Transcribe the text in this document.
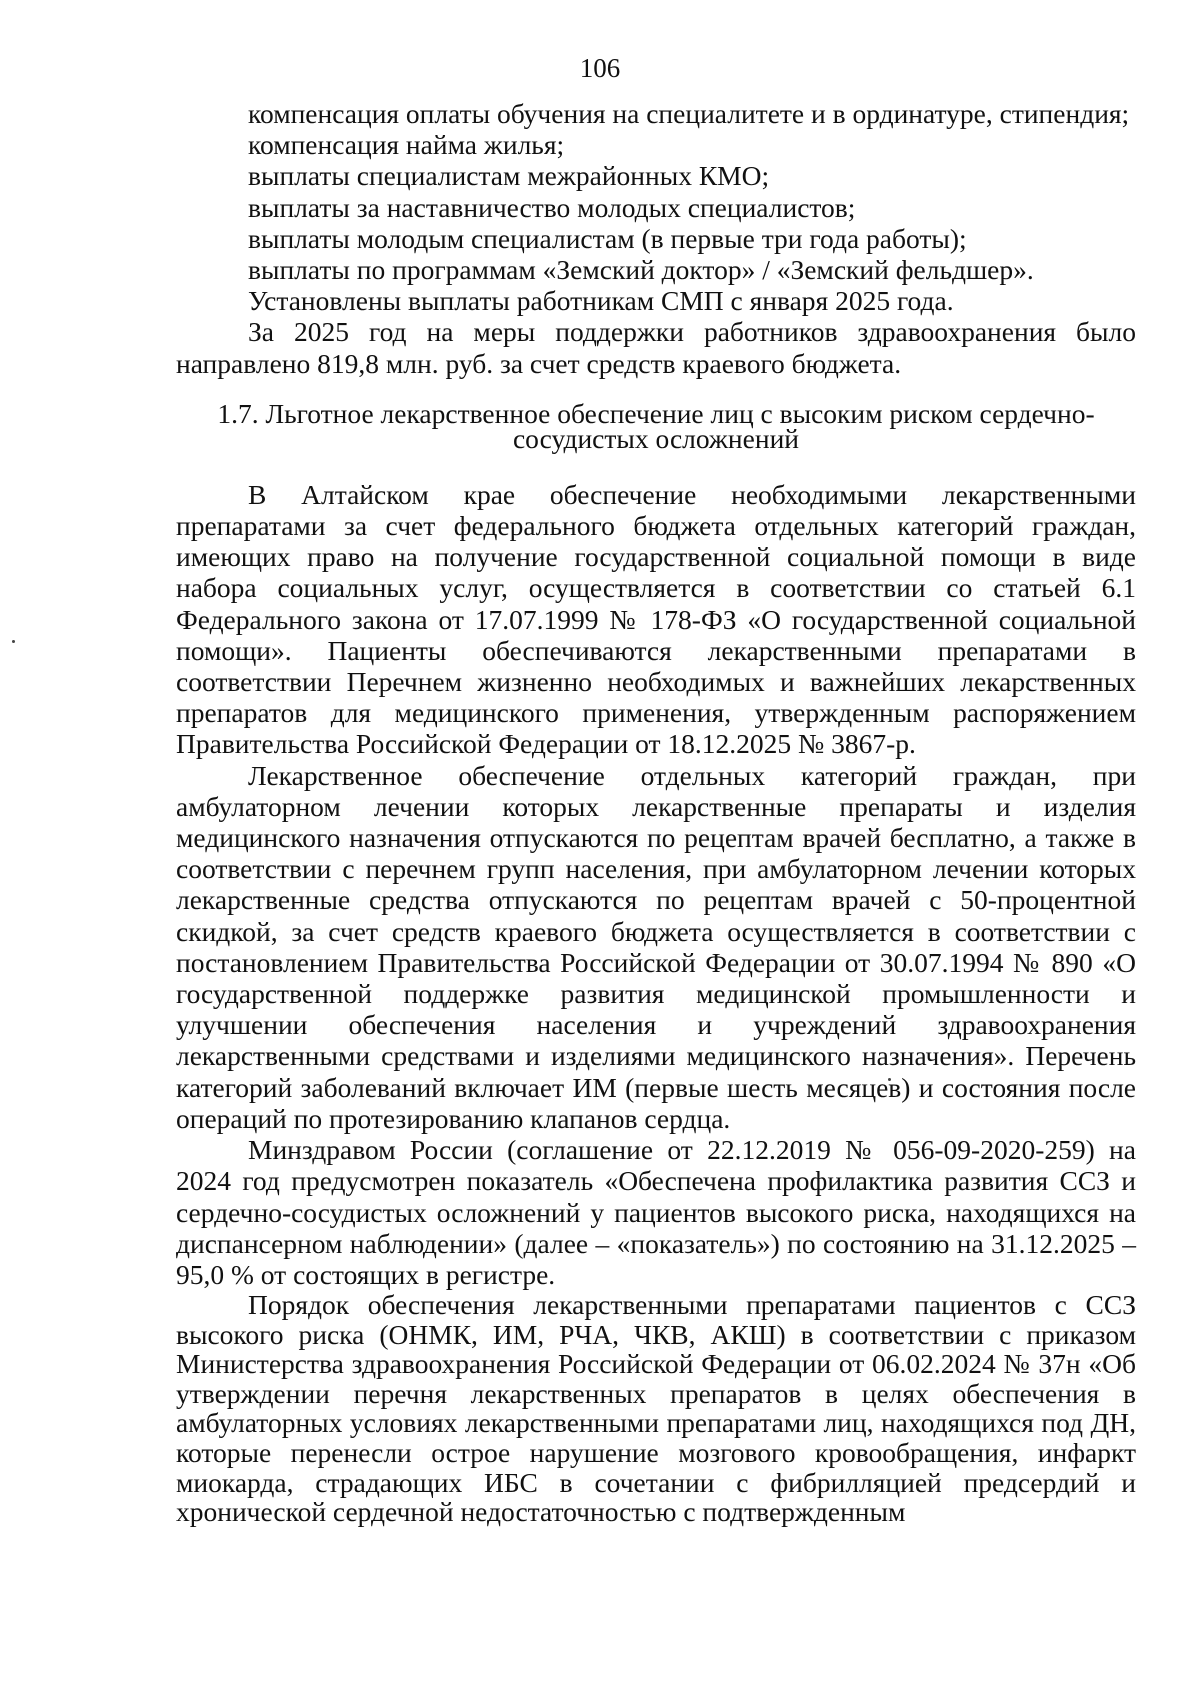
106

компенсация оплаты обучения на специалитете и в ординатуре, стипендия;

компенсация найма жилья;

выплаты специалистам межрайонных КМО;

выплаты за наставничество молодых специалистов;

выплаты молодым специалистам (в первые три года работы);

выплаты по программам «Земский доктор» / «Земский фельдшер».

Установлены выплаты работникам СМП с января 2025 года.

За 2025 год на меры поддержки работников здравоохранения было направлено 819,8 млн. руб. за счет средств краевого бюджета.

1.7. Льготное лекарственное обеспечение лиц с высоким риском сердечно-сосудистых осложнений

В Алтайском крае обеспечение необходимыми лекарственными препаратами за счет федерального бюджета отдельных категорий граждан, имеющих право на получение государственной социальной помощи в виде набора социальных услуг, осуществляется в соответствии со статьей 6.1 Федерального закона от 17.07.1999 № 178-ФЗ «О государственной социальной помощи». Пациенты обеспечиваются лекарственными препаратами в соответствии Перечнем жизненно необходимых и важнейших лекарственных препаратов для медицинского применения, утвержденным распоряжением Правительства Российской Федерации от 18.12.2025 № 3867-р.

Лекарственное обеспечение отдельных категорий граждан, при амбулаторном лечении которых лекарственные препараты и изделия медицинского назначения отпускаются по рецептам врачей бесплатно, а также в соответствии с перечнем групп населения, при амбулаторном лечении которых лекарственные средства отпускаются по рецептам врачей с 50-процентной скидкой, за счет средств краевого бюджета осуществляется в соответствии с постановлением Правительства Российской Федерации от 30.07.1994 № 890 «О государственной поддержке развития медицинской промышленности и улучшении обеспечения населения и учреждений здравоохранения лекарственными средствами и изделиями медицинского назначения». Перечень категорий заболеваний включает ИМ (первые шесть месяцев) и состояния после операций по протезированию клапанов сердца.

Минздравом России (соглашение от 22.12.2019 № 056-09-2020-259) на 2024 год предусмотрен показатель «Обеспечена профилактика развития ССЗ и сердечно-сосудистых осложнений у пациентов высокого риска, находящихся на диспансерном наблюдении» (далее – «показатель») по состоянию на 31.12.2025 – 95,0 % от состоящих в регистре.

Порядок обеспечения лекарственными препаратами пациентов с ССЗ высокого риска (ОНМК, ИМ, РЧА, ЧКВ, АКШ) в соответствии с приказом Министерства здравоохранения Российской Федерации от 06.02.2024 № 37н «Об утверждении перечня лекарственных препаратов в целях обеспечения в амбулаторных условиях лекарственными препаратами лиц, находящихся под ДН, которые перенесли острое нарушение мозгового кровообращения, инфаркт миокарда, страдающих ИБС в сочетании с фибрилляцией предсердий и хронической сердечной недостаточностью с подтвержденным
